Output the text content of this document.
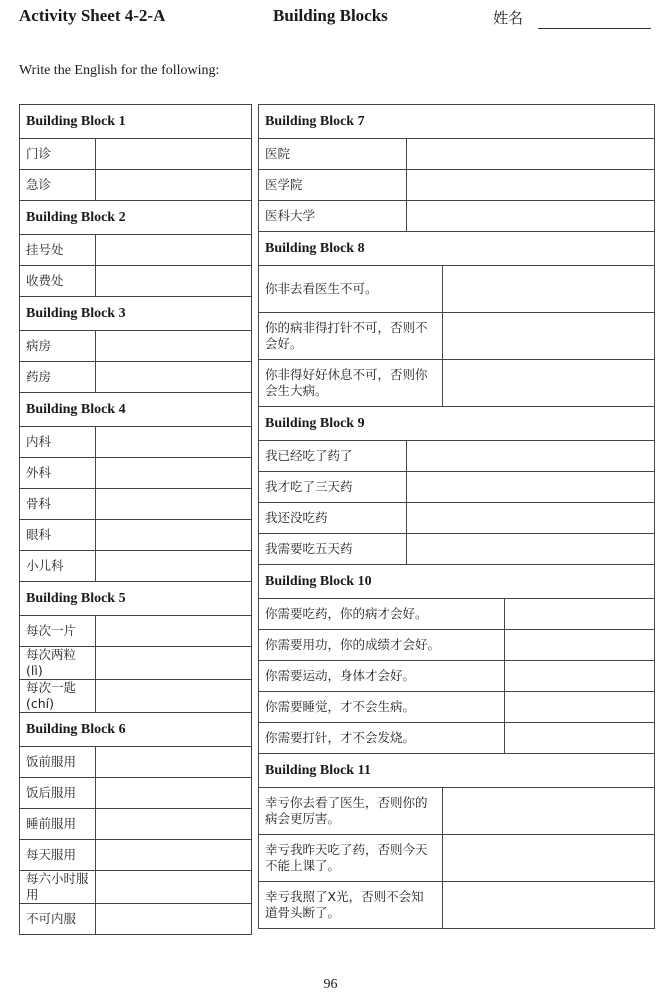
Activity Sheet 4-2-A	Building Blocks	姓名
Write the English for the following:
Building Block 1	
门诊	
急诊	
Building Block 2	
挂号处	
收费处	
Building Block 3	
病房	
药房	
Building Block 4	
内科	
外科	
骨科	
眼科	
小儿科	
Building Block 5	
每次一片	
每次两粒(lì)	
每次一匙(chí)	
Building Block 6	
饭前服用	
饭后服用	
睡前服用	
每天服用	
每六小时服用	
不可内服	
Building Block 7

医院

医学院

医科大学

Building Block 8

你非去看医生不可。

你的病非得打针不可，否则不会好。

你非得好好休息不可，否则你会生大病。

Building Block 9

我已经吃了药了

我才吃了三天药

我还没吃药

我需要吃五天药

Building Block 10

你需要吃药，你的病才会好。

你需要用功，你的成绩才会好。

你需要运动，身体才会好。

你需要睡觉，才不会生病。

你需要打针，才不会发烧。

Building Block 11

幸亏你去看了医生，否则你的病会更厉害。

幸亏我昨天吃了药，否则今天不能上课了。

幸亏我照了X光，否则不会知道骨头断了。
96
